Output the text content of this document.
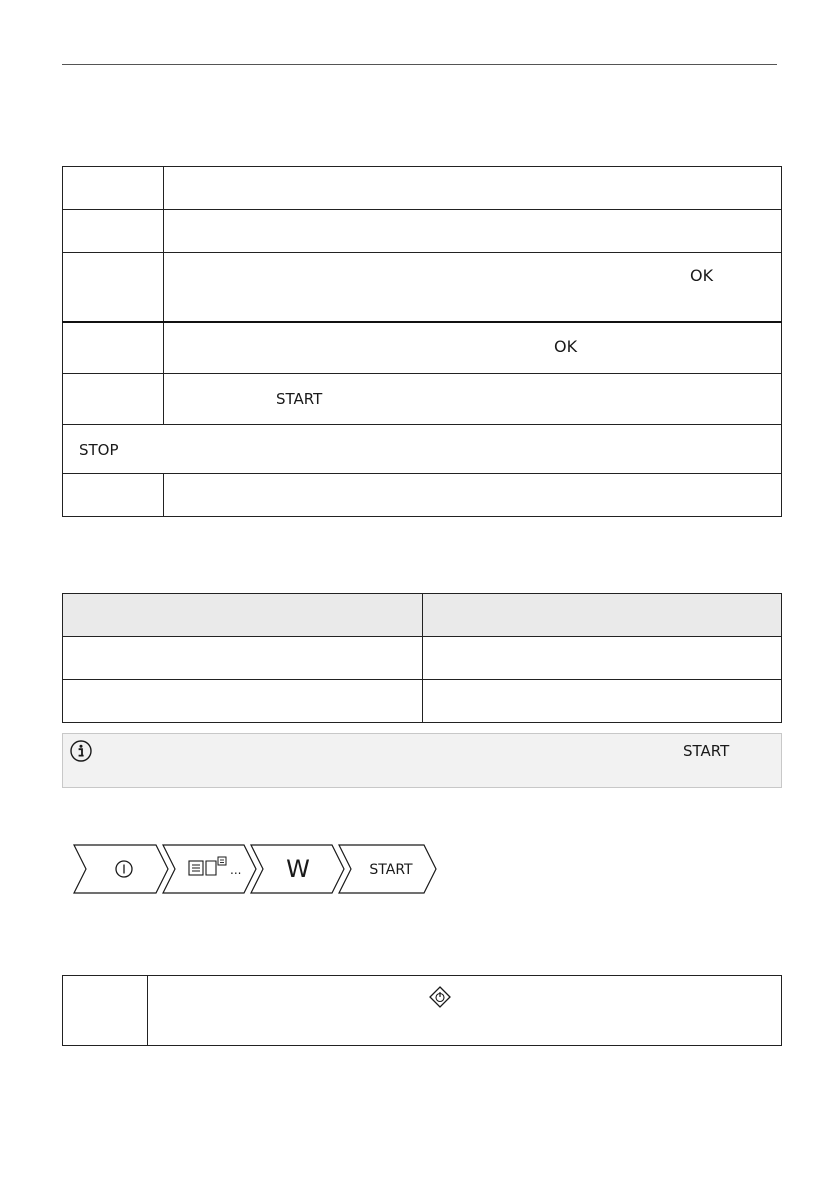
	OK

	OK

	START

STOP	

START
... W	START
